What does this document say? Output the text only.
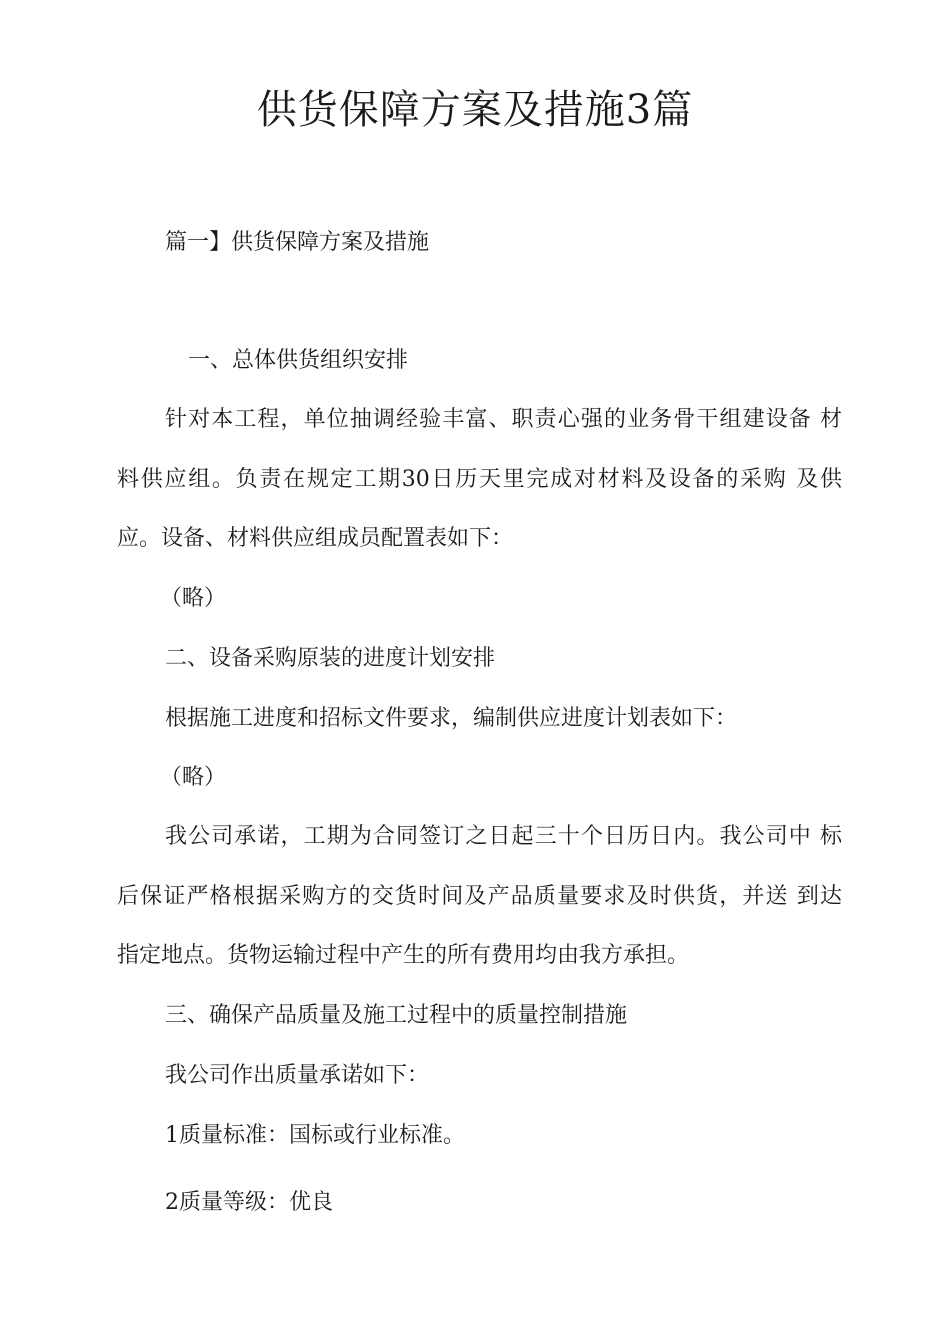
供货保障方案及措施3篇

篇一】供货保障方案及措施

一、总体供货组织安排

针对本工程，单位抽调经验丰富、职责心强的业务骨干组建设备 材

料供应组。负责在规定工期30日历天里完成对材料及设备的采购 及供

应。设备、材料供应组成员配置表如下：

（略）

二、设备采购原装的进度计划安排

根据施工进度和招标文件要求，编制供应进度计划表如下：

（略）

我公司承诺，工期为合同签订之日起三十个日历日内。我公司中 标

后保证严格根据采购方的交货时间及产品质量要求及时供货，并送 到达

指定地点。货物运输过程中产生的所有费用均由我方承担。

三、确保产品质量及施工过程中的质量控制措施

我公司作出质量承诺如下：

1质量标准：国标或行业标准。

2质量等级：优良
